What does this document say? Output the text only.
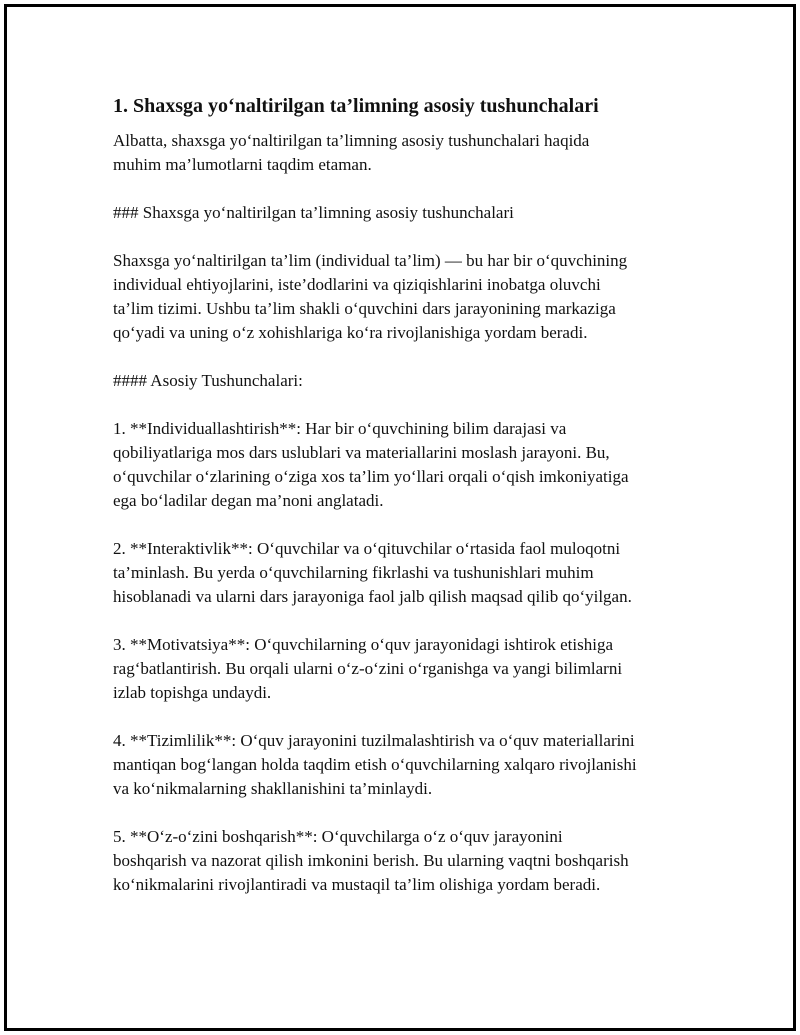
1. Shaxsga yo‘naltirilgan ta’limning asosiy tushunchalari
Albatta, shaxsga yo‘naltirilgan ta’limning asosiy tushunchalari haqida
muhim ma’lumotlarni taqdim etaman.
### Shaxsga yo‘naltirilgan ta’limning asosiy tushunchalari
Shaxsga yo‘naltirilgan ta’lim (individual ta’lim) — bu har bir o‘quvchining
individual ehtiyojlarini, iste’dodlarini va qiziqishlarini inobatga oluvchi
ta’lim tizimi. Ushbu ta’lim shakli o‘quvchini dars jarayonining markaziga
qo‘yadi va uning o‘z xohishlariga ko‘ra rivojlanishiga yordam beradi.
#### Asosiy Tushunchalari:
1. **Individuallashtirish**: Har bir o‘quvchining bilim darajasi va
qobiliyatlariga mos dars uslublari va materiallarini moslash jarayoni. Bu,
o‘quvchilar o‘zlarining o‘ziga xos ta’lim yo‘llari orqali o‘qish imkoniyatiga
ega bo‘ladilar degan ma’noni anglatadi.
2. **Interaktivlik**: O‘quvchilar va o‘qituvchilar o‘rtasida faol muloqotni
ta’minlash. Bu yerda o‘quvchilarning fikrlashi va tushunishlari muhim
hisoblanadi va ularni dars jarayoniga faol jalb qilish maqsad qilib qo‘yilgan.
3. **Motivatsiya**: O‘quvchilarning o‘quv jarayonidagi ishtirok etishiga
rag‘batlantirish. Bu orqali ularni o‘z-o‘zini o‘rganishga va yangi bilimlarni
izlab topishga undaydi.
4. **Tizimlilik**: O‘quv jarayonini tuzilmalashtirish va o‘quv materiallarini
mantiqan bog‘langan holda taqdim etish o‘quvchilarning xalqaro rivojlanishi
va ko‘nikmalarning shakllanishini ta’minlaydi.
5. **O‘z-o‘zini boshqarish**: O‘quvchilarga o‘z o‘quv jarayonini
boshqarish va nazorat qilish imkonini berish. Bu ularning vaqtni boshqarish
ko‘nikmalarini rivojlantiradi va mustaqil ta’lim olishiga yordam beradi.
